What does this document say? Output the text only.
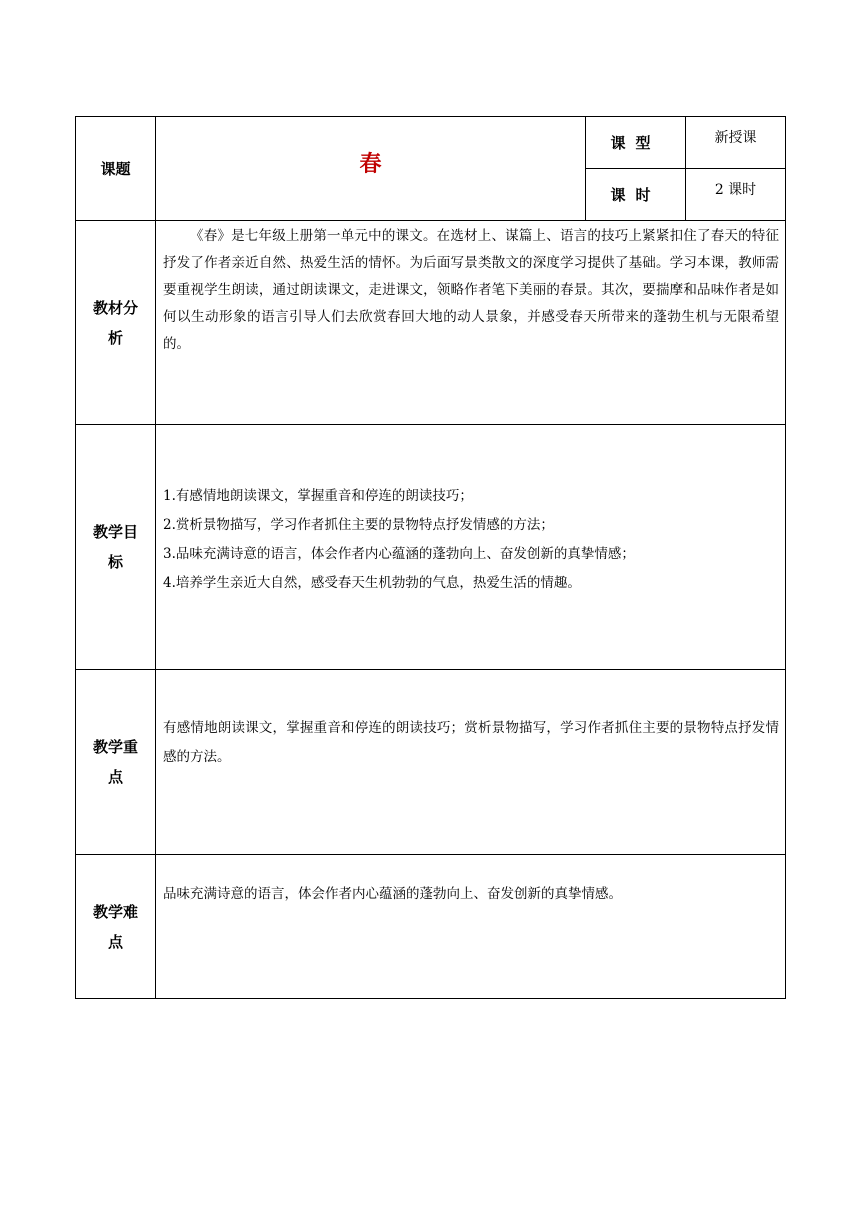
课题	春	课型	新授课
		课时	2 课时
教材分析	《春》是七年级上册第一单元中的课文。在选材上、谋篇上、语言的技巧上紧紧扣住了春天的特征抒发了作者亲近自然、热爱生活的情怀。为后面写景类散文的深度学习提供了基础。学习本课，教师需要重视学生朗读，通过朗读课文，走进课文，领略作者笔下美丽的春景。其次，要揣摩和品味作者是如何以生动形象的语言引导人们去欣赏春回大地的动人景象，并感受春天所带来的蓬勃生机与无限希望的。		

教学目标	1.有感情地朗读课文，掌握重音和停连的朗读技巧；

2.赏析景物描写，学习作者抓住主要的景物特点抒发情感的方法；

3.品味充满诗意的语言，体会作者内心蕴涵的蓬勃向上、奋发创新的真挚情感；

4.培养学生亲近大自然，感受春天生机勃勃的气息，热爱生活的情趣。		

教学重点	有感情地朗读课文，掌握重音和停连的朗读技巧；赏析景物描写，学习作者抓住主要的景物特点抒发情感的方法。		

教学难点	品味充满诗意的语言，体会作者内心蕴涵的蓬勃向上、奋发创新的真挚情感。		
